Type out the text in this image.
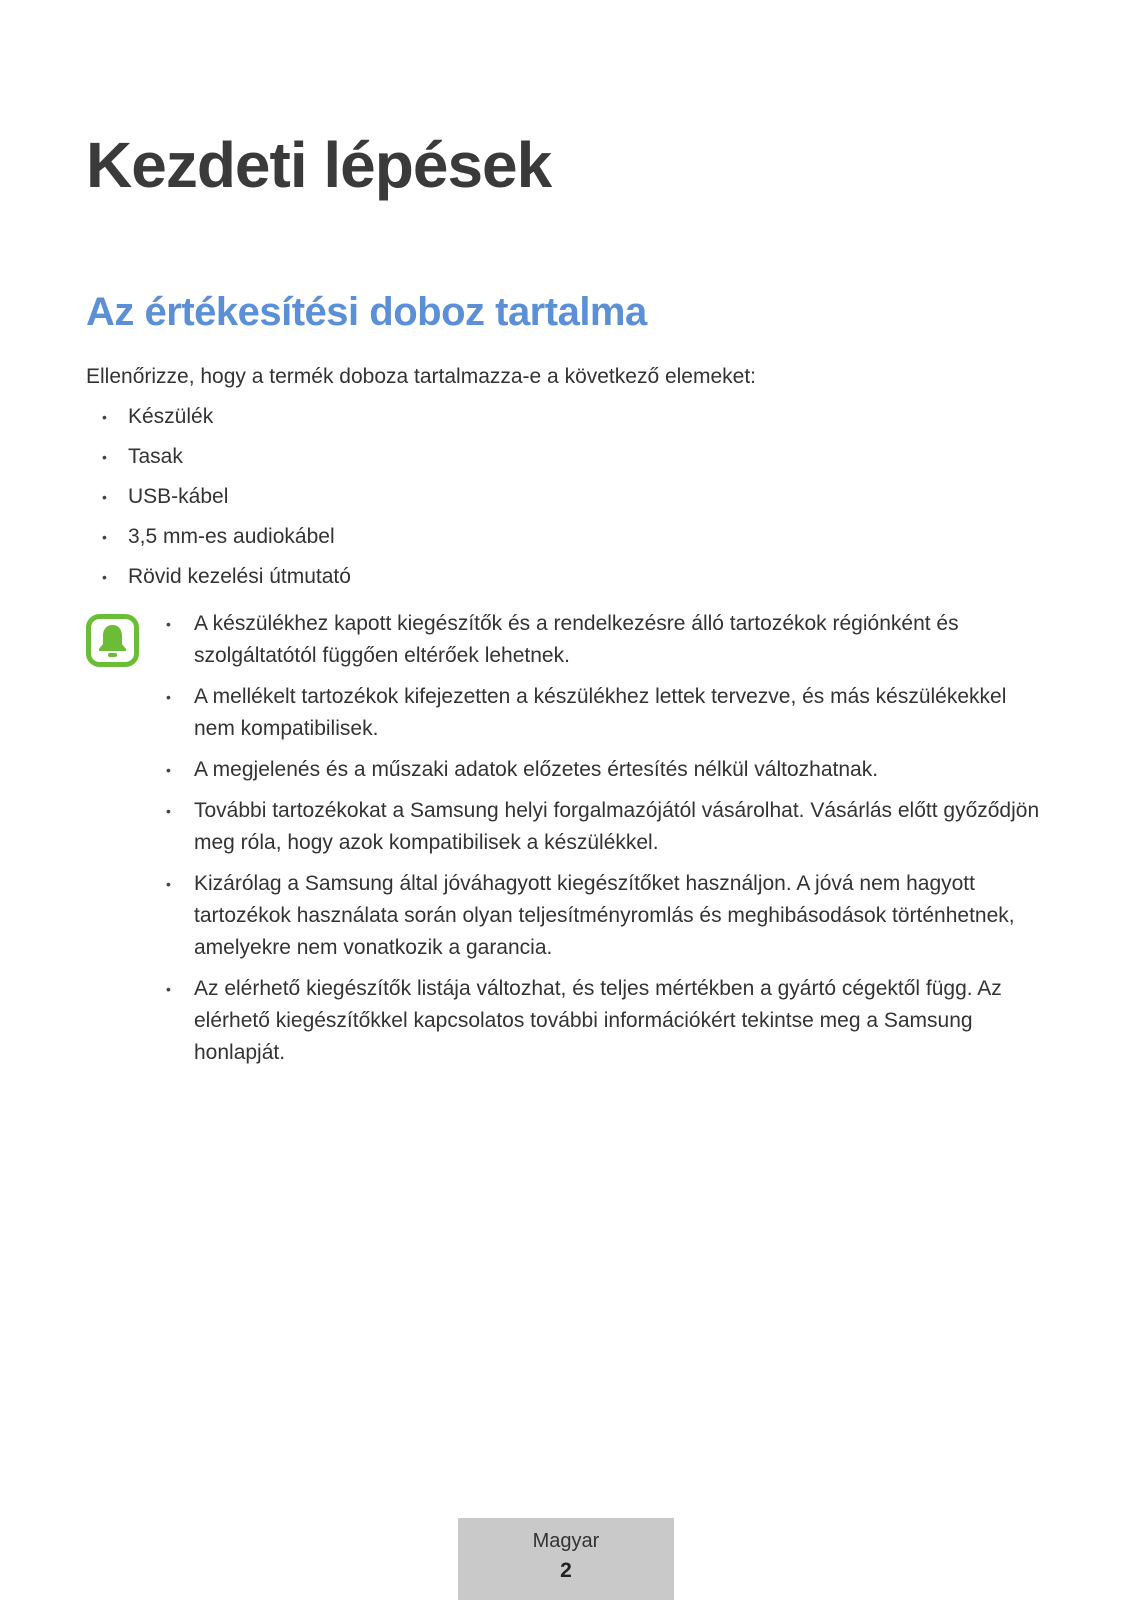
Kezdeti lépések
Az értékesítési doboz tartalma

Ellenőrizze, hogy a termék doboza tartalmazza-e a következő elemeket:

• Készülék
• Tasak
• USB-kábel
• 3,5 mm-es audiokábel
• Rövid kezelési útmutató
• A készülékhez kapott kiegészítők és a rendelkezésre álló tartozékok régiónként és szolgáltatótól függően eltérőek lehetnek.
• A mellékelt tartozékok kifejezetten a készülékhez lettek tervezve, és más készülékekkel nem kompatibilisek.
• A megjelenés és a műszaki adatok előzetes értesítés nélkül változhatnak.
• További tartozékokat a Samsung helyi forgalmazójától vásárolhat. Vásárlás előtt győződjön meg róla, hogy azok kompatibilisek a készülékkel.
• Kizárólag a Samsung által jóváhagyott kiegészítőket használjon. A jóvá nem hagyott tartozékok használata során olyan teljesítményromlás és meghibásodások történhetnek, amelyekre nem vonatkozik a garancia.
• Az elérhető kiegészítők listája változhat, és teljes mértékben a gyártó cégektől függ. Az elérhető kiegészítőkkel kapcsolatos további információkért tekintse meg a Samsung honlapját.
Magyar
2
